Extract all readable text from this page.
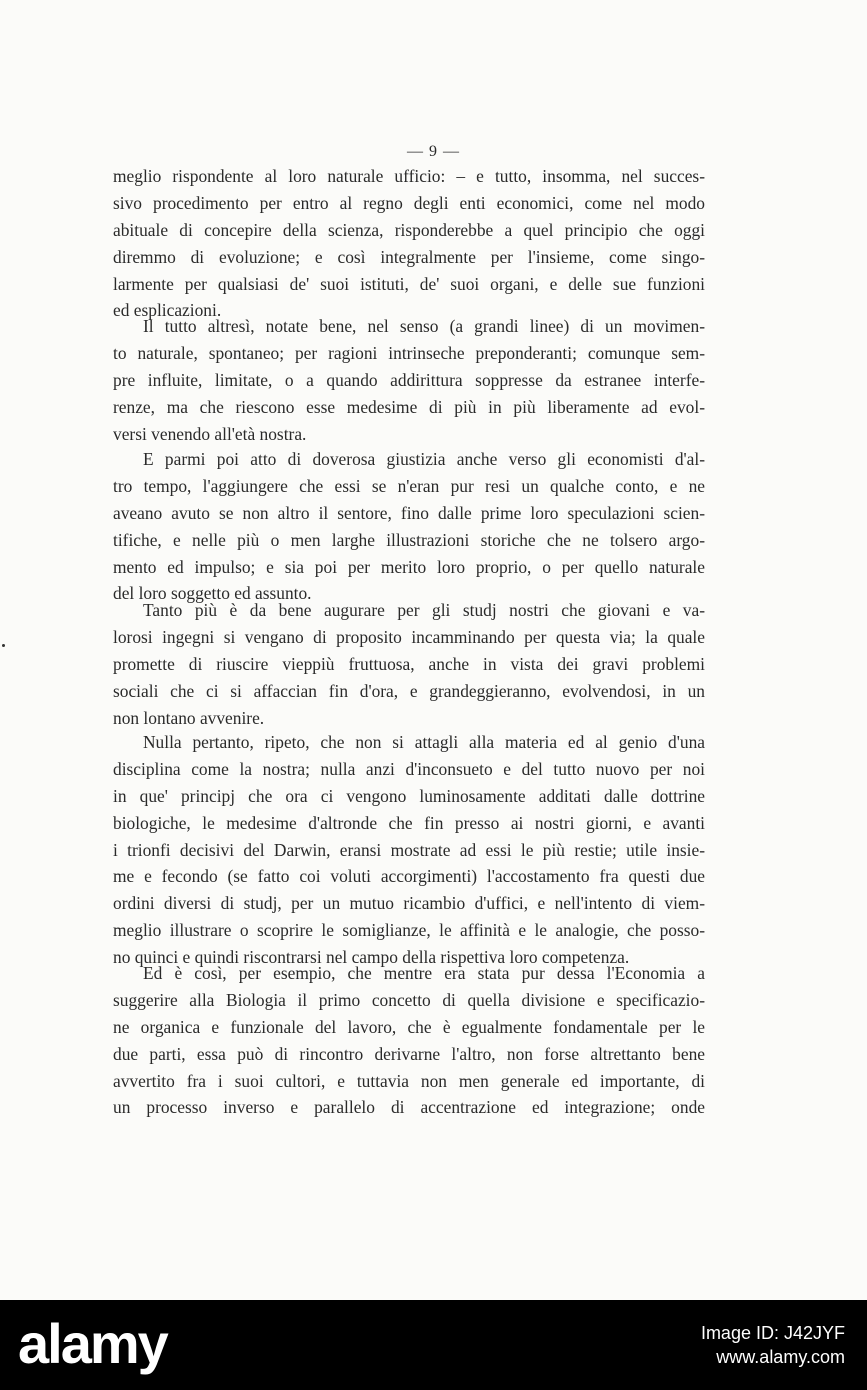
— 9 —
meglio rispondente al loro naturale ufficio: – e tutto, insomma, nel succes-
sivo procedimento per entro al regno degli enti economici, come nel modo
abituale di concepire della scienza, risponderebbe a quel principio che oggi
diremmo di evoluzione; e così integralmente per l'insieme, come singo-
larmente per qualsiasi de' suoi istituti, de' suoi organi, e delle sue funzioni
ed esplicazioni.
Il tutto altresì, notate bene, nel senso (a grandi linee) di un movimen-
to naturale, spontaneo; per ragioni intrinseche preponderanti; comunque sem-
pre influite, limitate, o a quando addirittura soppresse da estranee interfe-
renze, ma che riescono esse medesime di più in più liberamente ad evol-
versi venendo all'età nostra.
E parmi poi atto di doverosa giustizia anche verso gli economisti d'al-
tro tempo, l'aggiungere che essi se n'eran pur resi un qualche conto, e ne
aveano avuto se non altro il sentore, fino dalle prime loro speculazioni scien-
tifiche, e nelle più o men larghe illustrazioni storiche che ne tolsero argo-
mento ed impulso; e sia poi per merito loro proprio, o per quello naturale
del loro soggetto ed assunto.
Tanto più è da bene augurare per gli studj nostri che giovani e va-
lorosi ingegni si vengano di proposito incamminando per questa via; la quale
promette di riuscire vieppiù fruttuosa, anche in vista dei gravi problemi
sociali che ci si affaccian fin d'ora, e grandeggieranno, evolvendosi, in un
non lontano avvenire.
Nulla pertanto, ripeto, che non si attagli alla materia ed al genio d'una
disciplina come la nostra; nulla anzi d'inconsueto e del tutto nuovo per noi
in que' principj che ora ci vengono luminosamente additati dalle dottrine
biologiche, le medesime d'altronde che fin presso ai nostri giorni, e avanti
i trionfi decisivi del Darwin, eransi mostrate ad essi le più restie; utile insie-
me e fecondo (se fatto coi voluti accorgimenti) l'accostamento fra questi due
ordini diversi di studj, per un mutuo ricambio d'uffici, e nell'intento di viem-
meglio illustrare o scoprire le somiglianze, le affinità e le analogie, che posso-
no quinci e quindi riscontrarsi nel campo della rispettiva loro competenza.
Ed è così, per esempio, che mentre era stata pur dessa l'Economia a
suggerire alla Biologia il primo concetto di quella divisione e specificazio-
ne organica e funzionale del lavoro, che è egualmente fondamentale per le
due parti, essa può di rincontro derivarne l'altro, non forse altrettanto bene
avvertito fra i suoi cultori, e tuttavia non men generale ed importante, di
un processo inverso e parallelo di accentrazione ed integrazione; onde
alamy	Image ID: J42JYF
www.alamy.com
